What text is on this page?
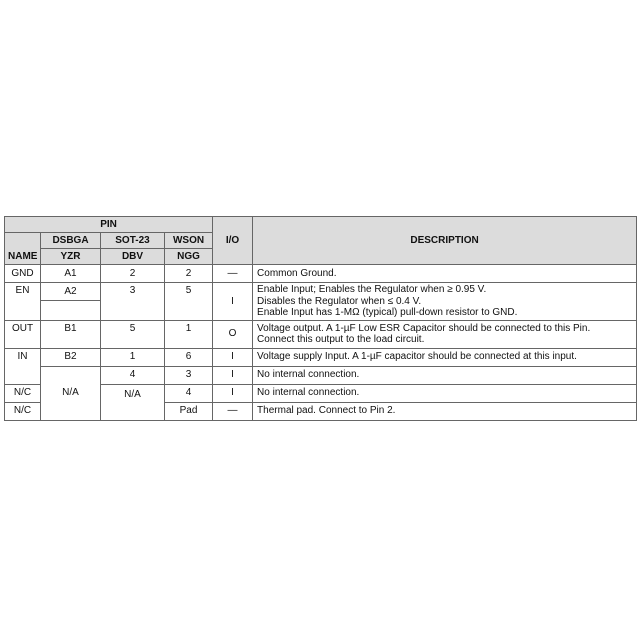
PIN				I/O	DESCRIPTION
NAME	DSBGA	SOT-23	WSON		
	YZR	DBV	NGG		
GND	A1	2	2	—	Common Ground.
EN	A2	3	5	I	Enable Input; Enables the Regulator when ≥ 0.95 V.
Disables the Regulator when ≤ 0.4 V.
Enable Input has 1-MΩ (typical) pull-down resistor to GND.

OUT	B1	5	1	O	Voltage output. A 1-µF Low ESR Capacitor should be connected to this Pin.
Connect this output to the load circuit.

IN	B2	1	6	I	Voltage supply Input. A 1-µF capacitor should be connected at this input.
	N/A	4	3	I	No internal connection.
N/C		N/A	4	I	No internal connection.
N/C			Pad	—	Thermal pad. Connect to Pin 2.
